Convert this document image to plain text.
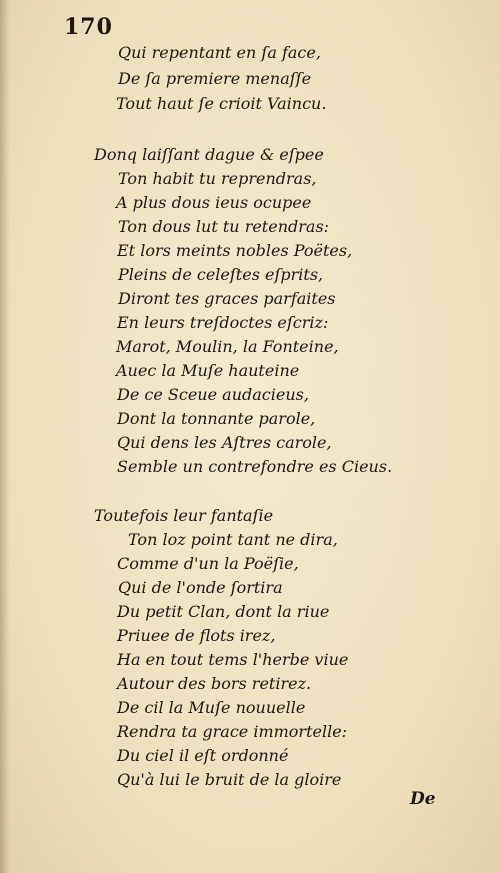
170
Qui repentant en ſa face,
De ſa premiere menaſſe
Tout haut ſe crioit Vaincu.
Donq laiſſant dague & eſpee
Ton habit tu reprendras,
A plus dous ieus ocupee
Ton dous lut tu retendras:
Et lors meints nobles Poëtes,
Pleins de celeſtes eſprits,
Diront tes graces parfaites
En leurs treſdoctes eſcriz:
Marot, Moulin, la Fonteine,
Auec la Muſe hauteine
De ce Sceue audacieus,
Dont la tonnante parole,
Qui dens les Aſtres carole,
Semble un contrefondre es Cieus.
Toutefois leur fantaſie
Ton loz point tant ne dira,
Comme d'un la Poëſie,
Qui de l'onde ſortira
Du petit Clan, dont la riue
Priuee de flots irez,
Ha en tout tems l'herbe viue
Autour des bors retirez.
De cil la Muſe nouuelle
Rendra ta grace immortelle:
Du ciel il eſt ordonné
Qu'à lui le bruit de la gloire
De
